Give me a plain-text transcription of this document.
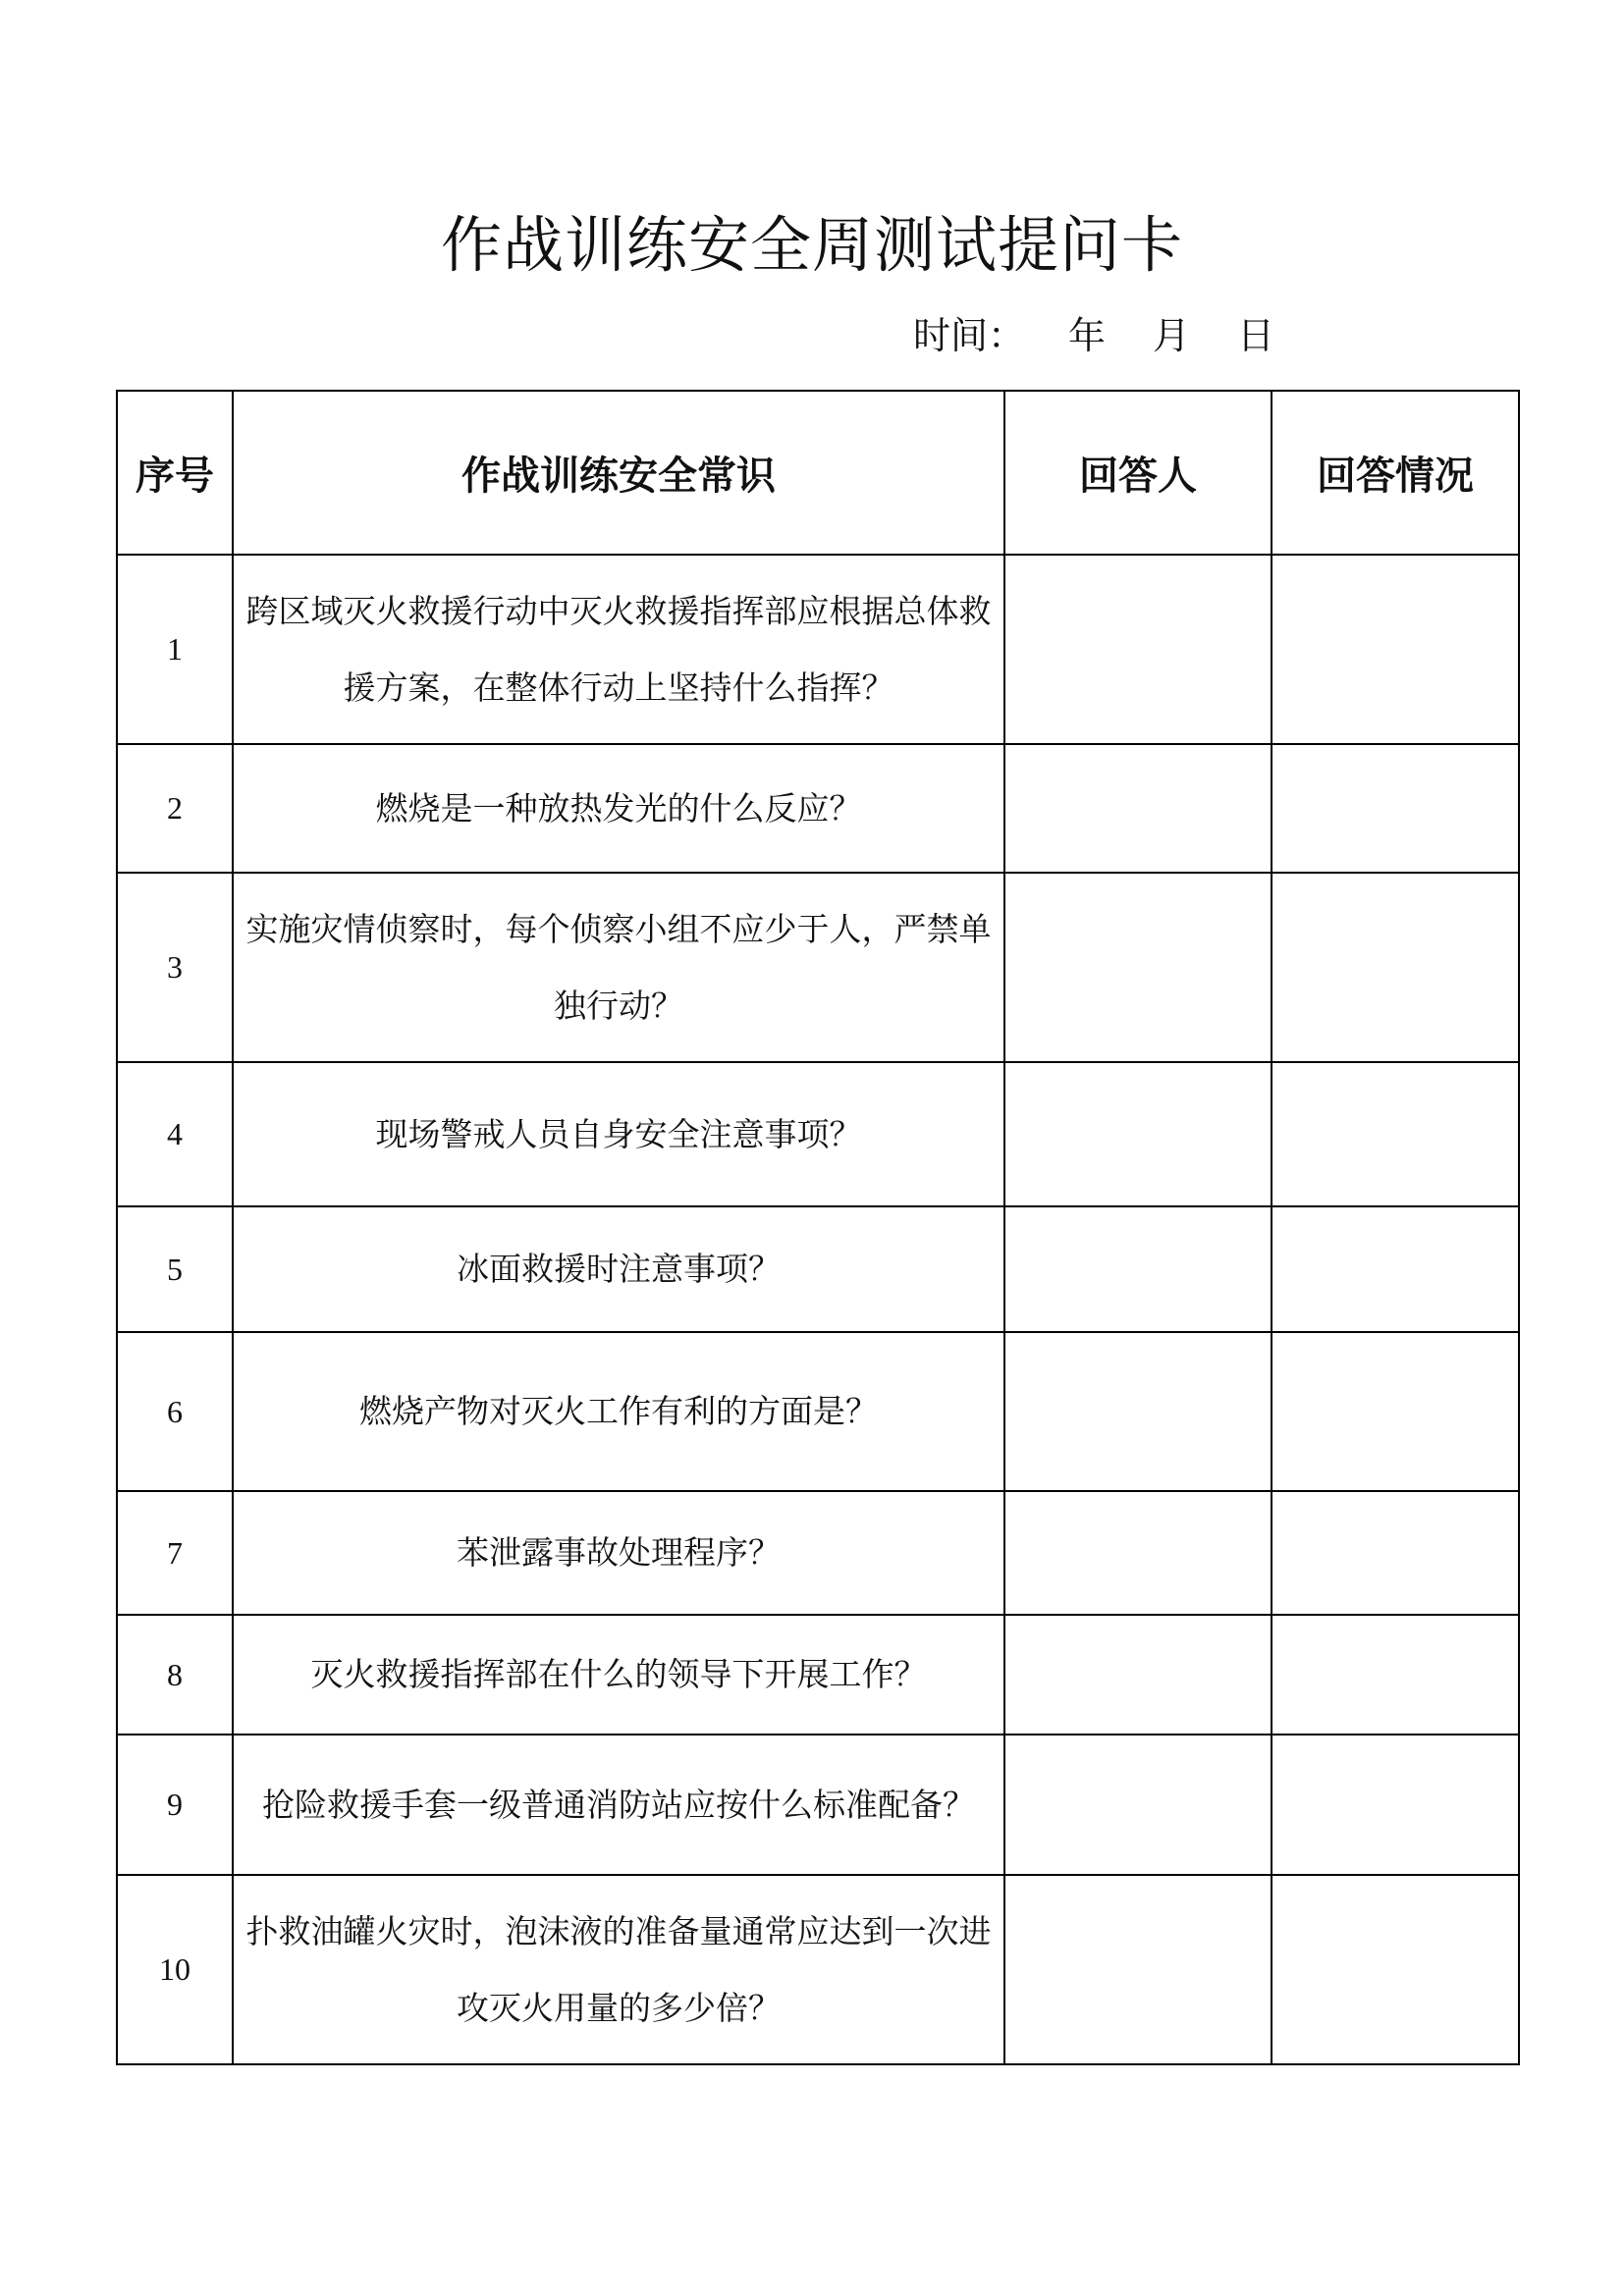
作战训练安全周测试提问卡
时间： 年 月 日
序号	作战训练安全常识	回答人	回答情况
1	跨区域灭火救援行动中灭火救援指挥部应根据总体救援方案，在整体行动上坚持什么指挥？		
2	燃烧是一种放热发光的什么反应？		
3	实施灾情侦察时，每个侦察小组不应少于人，严禁单独行动？		
4	现场警戒人员自身安全注意事项？		
5	冰面救援时注意事项？		
6	燃烧产物对灭火工作有利的方面是？		
7	苯泄露事故处理程序？		
8	灭火救援指挥部在什么的领导下开展工作？		
9	抢险救援手套一级普通消防站应按什么标准配备？		
10	扑救油罐火灾时，泡沫液的准备量通常应达到一次进攻灭火用量的多少倍？		
